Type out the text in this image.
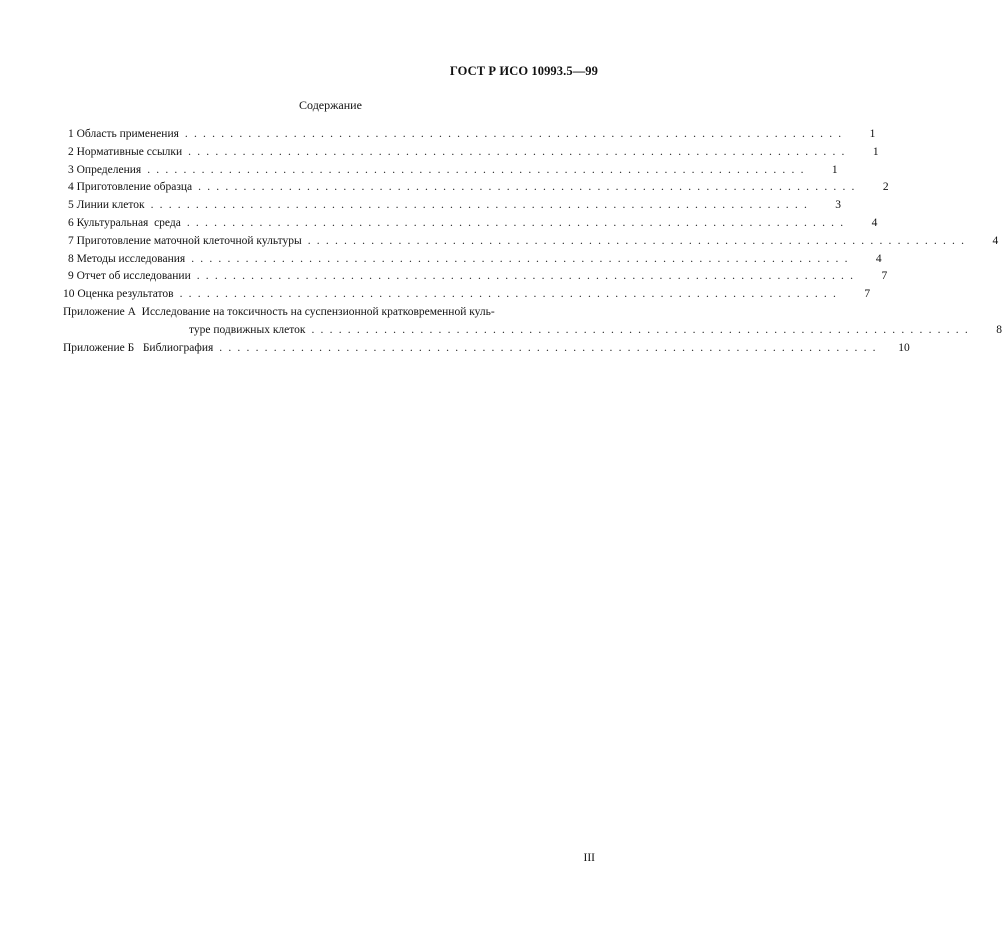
ГОСТ Р ИСО 10993.5—99
Содержание
1 Область применения .........................................................................	1
2 Нормативные ссылки .........................................................................	1
3 Определения .........................................................................	1
4 Приготовление образца .........................................................................	2
5 Линии клеток .........................................................................	3
6 Культуральная  среда .........................................................................	4
7 Приготовление маточной клеточной культуры .........................................................................	4
8 Методы исследования .........................................................................	4
9 Отчет об исследовании .........................................................................	7
10 Оценка результатов .........................................................................	7
Приложение А  Исследование на токсичность на суспензионной кратковременной куль-
туре подвижных клеток .........................................................................	8
Приложение Б   Библиография .........................................................................	10
III
